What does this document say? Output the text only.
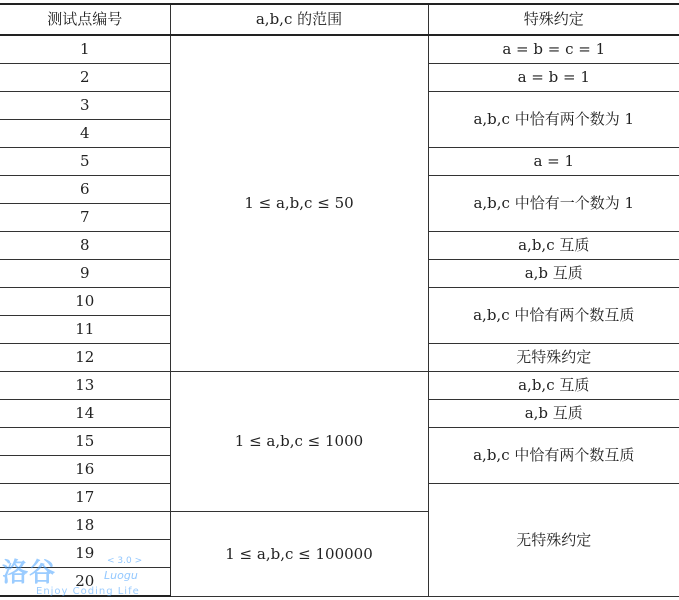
测试点编号	a,b,c 的范围	特殊约定
1	1 ≤ a,b,c ≤ 50	a = b = c = 1
2		a = b = 1
3		a,b,c 中恰有两个数为 1
4		
5		a = 1
6		a,b,c 中恰有一个数为 1
7		
8		a,b,c 互质
9		a,b 互质
10		a,b,c 中恰有两个数互质
11		
12		无特殊约定
13	1 ≤ a,b,c ≤ 1000	a,b,c 互质
14		a,b 互质
15		a,b,c 中恰有两个数互质
16		
17		无特殊约定
18	1 ≤ a,b,c ≤ 100000	
19		
20		
洛谷	< 3.0 >
Luogu
Enjoy Coding Life
